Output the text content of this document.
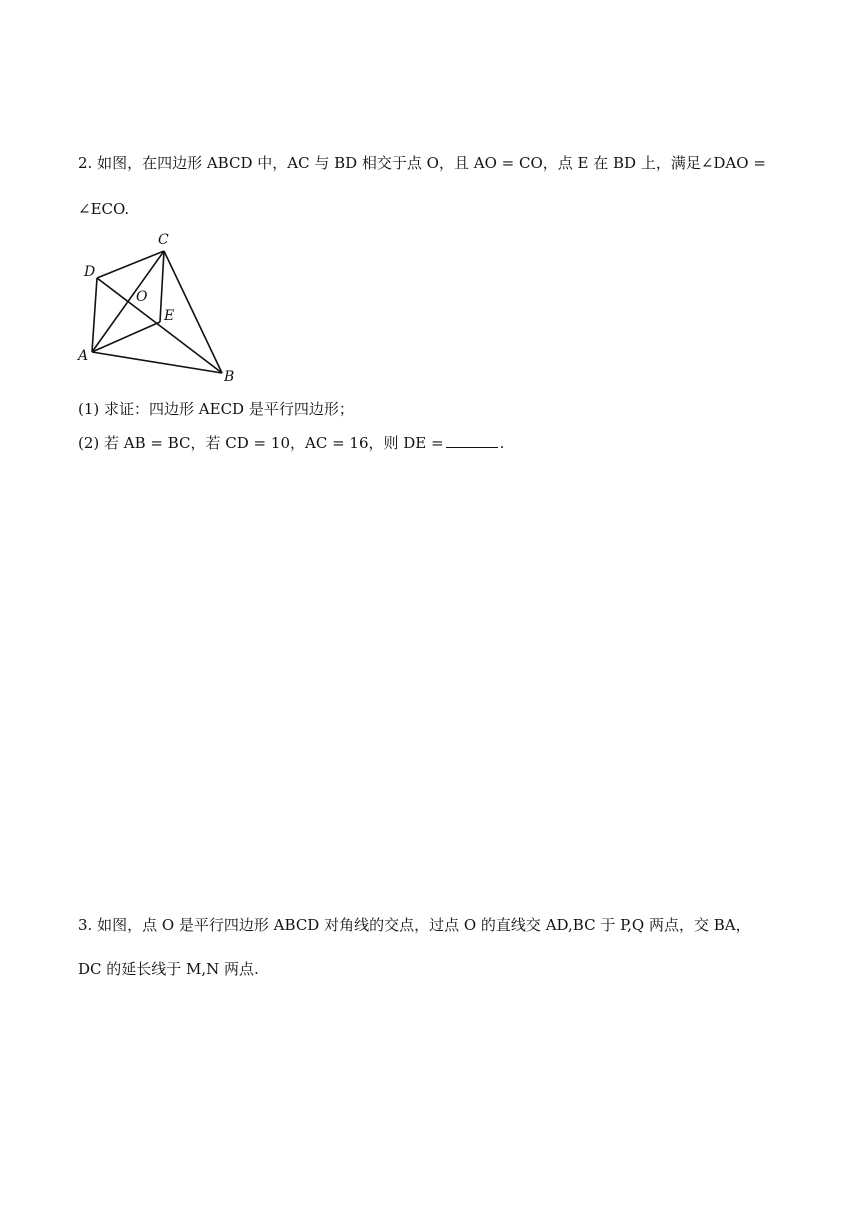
2. 如图，在四边形 ABCD 中，AC 与 BD 相交于点 O，且 AO = CO，点 E 在 BD 上，满足∠DAO =
∠ECO.
C
D
O
E
A
B
(1) 求证：四边形 AECD 是平行四边形；
(2) 若 AB = BC，若 CD = 10，AC = 16，则 DE =	.
3. 如图，点 O 是平行四边形 ABCD 对角线的交点，过点 O 的直线交 AD,BC 于 P,Q 两点，交 BA，
DC 的延长线于 M,N 两点.
